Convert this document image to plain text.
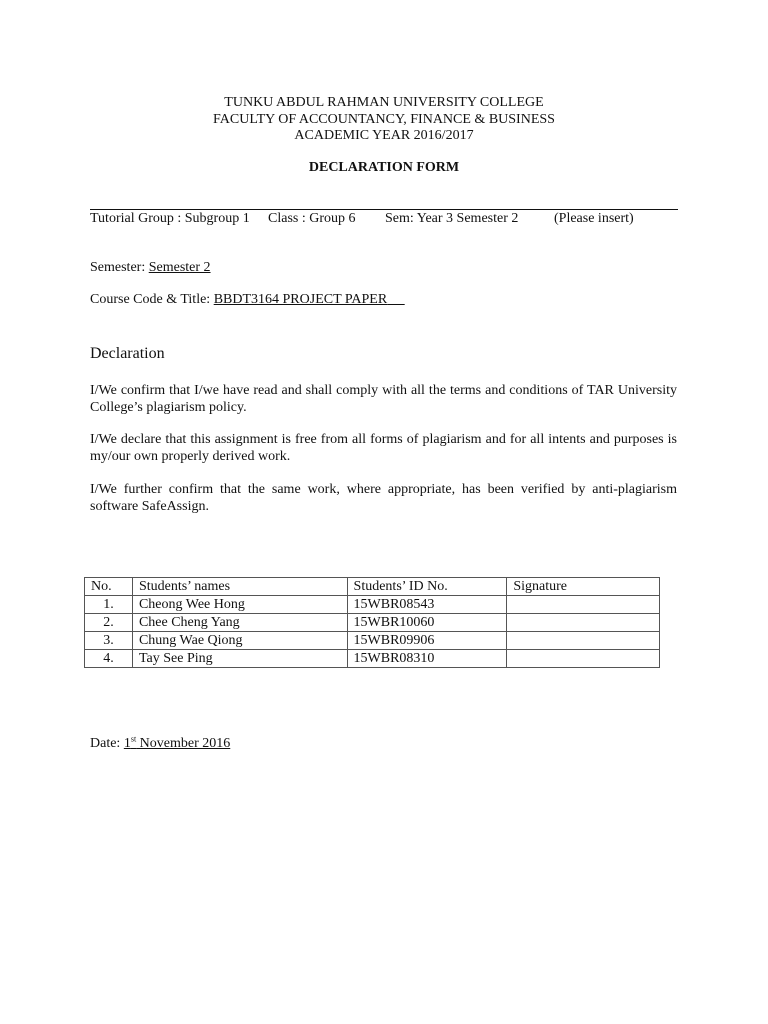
TUNKU ABDUL RAHMAN UNIVERSITY COLLEGE
FACULTY OF ACCOUNTANCY, FINANCE & BUSINESS
ACADEMIC YEAR 2016/2017
DECLARATION FORM
Tutorial Group : Subgroup 1 Class : Group 6 Sem: Year 3 Semester 2	(Please insert)
Semester: Semester 2
Course Code & Title: BBDT3164 PROJECT PAPER
Declaration
I/We confirm that I/we have read and shall comply with all the terms and conditions of TAR University College’s plagiarism policy.
I/We declare that this assignment is free from all forms of plagiarism and for all intents and purposes is my/our own properly derived work.
I/We further confirm that the same work, where appropriate, has been verified by anti-plagiarism software SafeAssign.
No.	Students’ names	Students’ ID No.	Signature
1.	Cheong Wee Hong	15WBR08543	
2.	Chee Cheng Yang	15WBR10060	
3.	Chung Wae Qiong	15WBR09906	
4.	Tay See Ping	15WBR08310	
Date: 1st November 2016
